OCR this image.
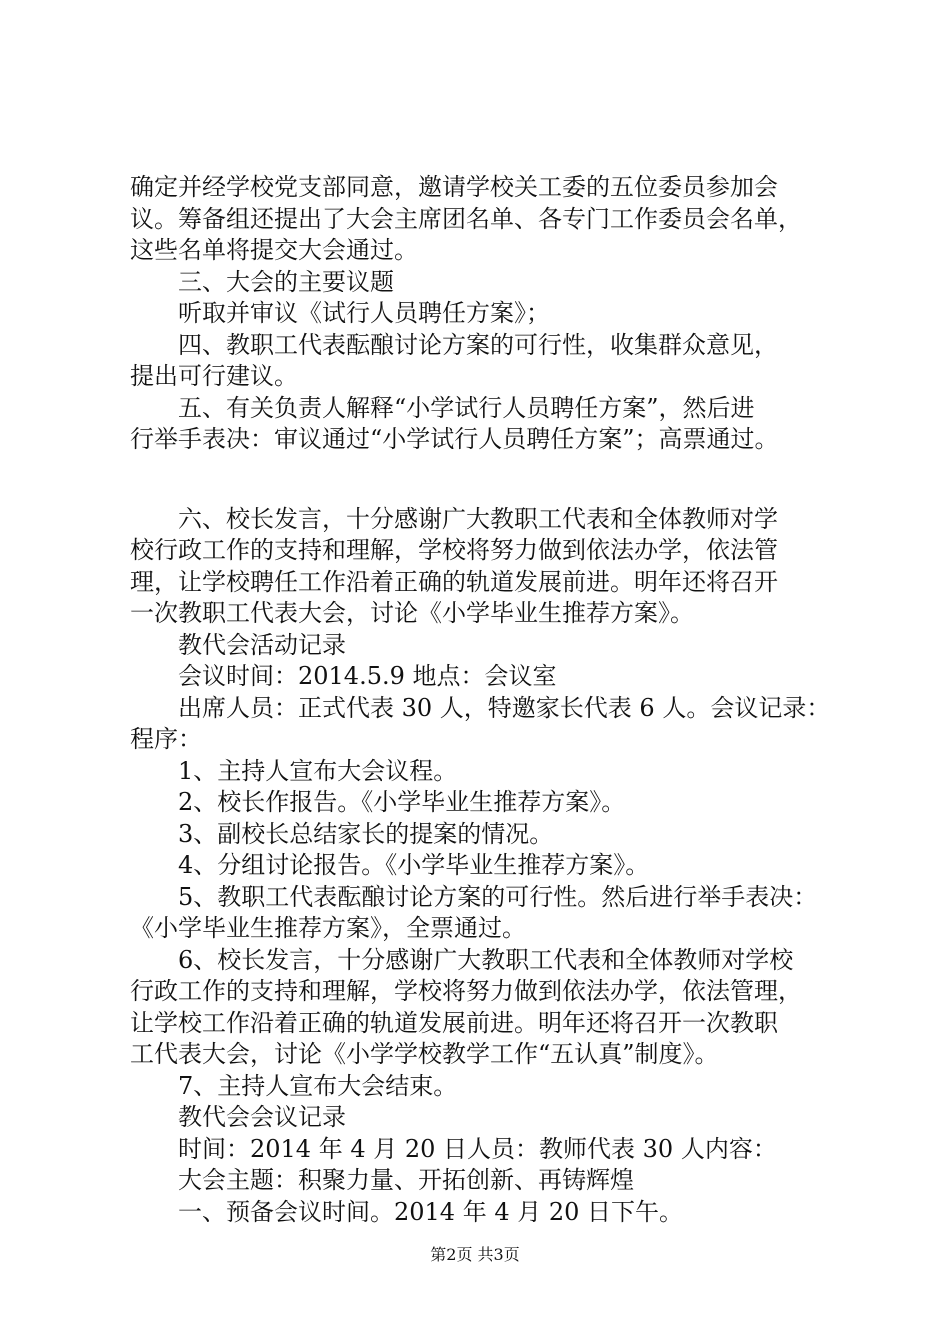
确定并经学校党支部同意，邀请学校关工委的五位委员参加会
议。筹备组还提出了大会主席团名单、各专门工作委员会名单，
这些名单将提交大会通过。
三、大会的主要议题
听取并审议《试行人员聘任方案》；
四、教职工代表酝酿讨论方案的可行性，收集群众意见，
提出可行建议。
五、有关负责人解释“小学试行人员聘任方案”，然后进
行举手表决：审议通过“小学试行人员聘任方案”；高票通过。
六、校长发言，十分感谢广大教职工代表和全体教师对学
校行政工作的支持和理解，学校将努力做到依法办学，依法管
理，让学校聘任工作沿着正确的轨道发展前进。明年还将召开
一次教职工代表大会，讨论《小学毕业生推荐方案》。
教代会活动记录
会议时间：2014.5.9 地点：会议室
出席人员：正式代表 30 人，特邀家长代表 6 人。会议记录：
程序：
1、主持人宣布大会议程。
2、校长作报告。《小学毕业生推荐方案》。
3、副校长总结家长的提案的情况。
4、分组讨论报告。《小学毕业生推荐方案》。
5、教职工代表酝酿讨论方案的可行性。然后进行举手表决：
《小学毕业生推荐方案》，全票通过。
6、校长发言，十分感谢广大教职工代表和全体教师对学校
行政工作的支持和理解，学校将努力做到依法办学，依法管理，
让学校工作沿着正确的轨道发展前进。明年还将召开一次教职
工代表大会，讨论《小学学校教学工作“五认真”制度》。
7、主持人宣布大会结束。
教代会会议记录
时间：2014 年 4 月 20 日人员：教师代表 30 人内容：
大会主题：积聚力量、开拓创新、再铸辉煌
一、预备会议时间。2014 年 4 月 20 日下午。
第2页 共3页
